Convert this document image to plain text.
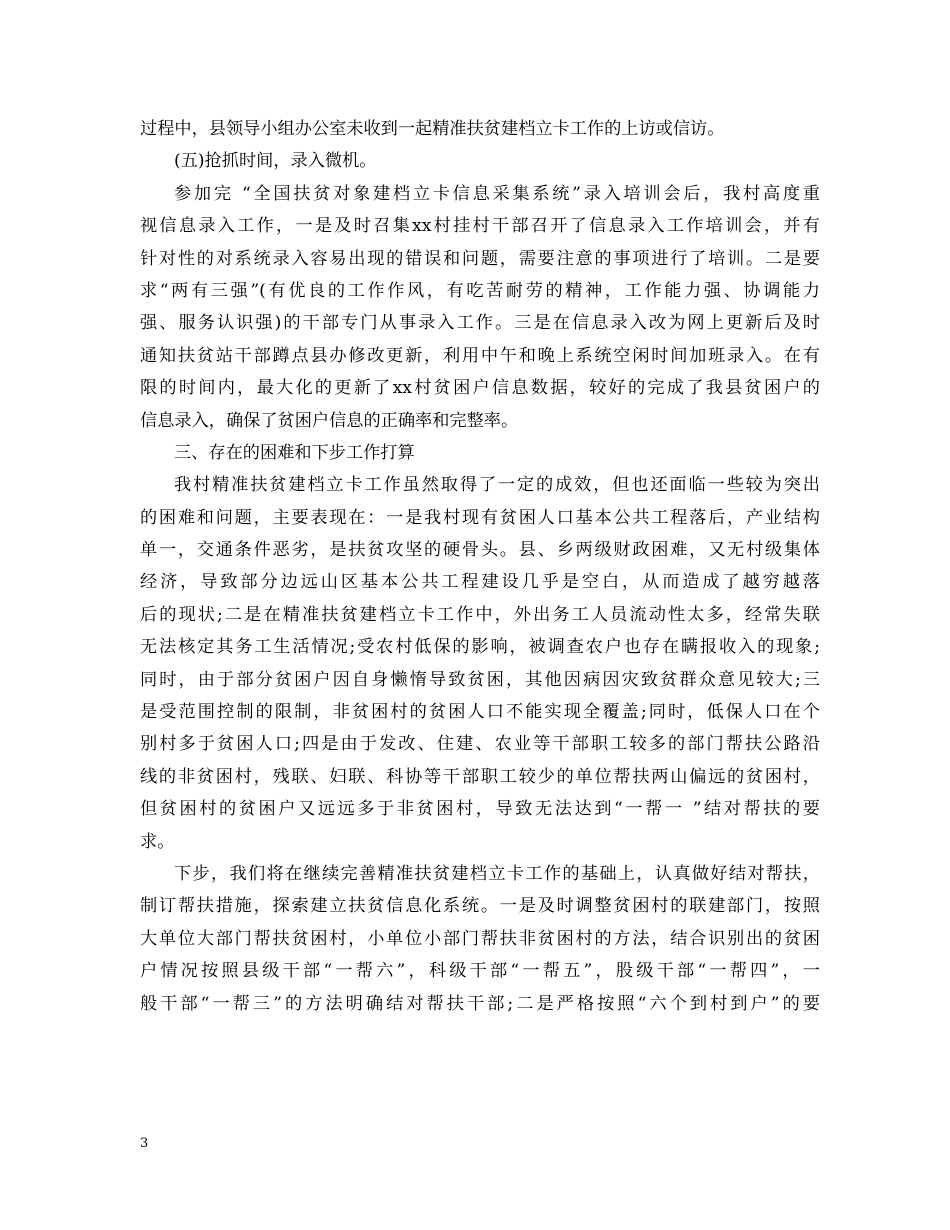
过程中，县领导小组办公室未收到一起精准扶贫建档立卡工作的上访或信访。
(五)抢抓时间，录入微机。
参加完 “全国扶贫对象建档立卡信息采集系统”录入培训会后，我村高度重
视信息录入工作，一是及时召集xx村挂村干部召开了信息录入工作培训会，并有
针对性的对系统录入容易出现的错误和问题，需要注意的事项进行了培训。二是要
求“两有三强”(有优良的工作作风，有吃苦耐劳的精神，工作能力强、协调能力
强、服务认识强)的干部专门从事录入工作。三是在信息录入改为网上更新后及时
通知扶贫站干部蹲点县办修改更新，利用中午和晚上系统空闲时间加班录入。在有
限的时间内，最大化的更新了xx村贫困户信息数据，较好的完成了我县贫困户的
信息录入，确保了贫困户信息的正确率和完整率。
三、存在的困难和下步工作打算
我村精准扶贫建档立卡工作虽然取得了一定的成效，但也还面临一些较为突出
的困难和问题，主要表现在：一是我村现有贫困人口基本公共工程落后，产业结构
单一，交通条件恶劣，是扶贫攻坚的硬骨头。县、乡两级财政困难，又无村级集体
经济，导致部分边远山区基本公共工程建设几乎是空白，从而造成了越穷越落
后的现状;二是在精准扶贫建档立卡工作中，外出务工人员流动性太多，经常失联
无法核定其务工生活情况;受农村低保的影响，被调查农户也存在瞒报收入的现象;
同时，由于部分贫困户因自身懒惰导致贫困，其他因病因灾致贫群众意见较大;三
是受范围控制的限制，非贫困村的贫困人口不能实现全覆盖;同时，低保人口在个
别村多于贫困人口;四是由于发改、住建、农业等干部职工较多的部门帮扶公路沿
线的非贫困村，残联、妇联、科协等干部职工较少的单位帮扶两山偏远的贫困村，
但贫困村的贫困户又远远多于非贫困村，导致无法达到“一帮一 ”结对帮扶的要
求。
下步，我们将在继续完善精准扶贫建档立卡工作的基础上，认真做好结对帮扶，
制订帮扶措施，探索建立扶贫信息化系统。一是及时调整贫困村的联建部门，按照
大单位大部门帮扶贫困村，小单位小部门帮扶非贫困村的方法，结合识别出的贫困
户情况按照县级干部“一帮六”，科级干部“一帮五”，股级干部“一帮四”，一
般干部“一帮三”的方法明确结对帮扶干部;二是严格按照“六个到村到户”的要
3
